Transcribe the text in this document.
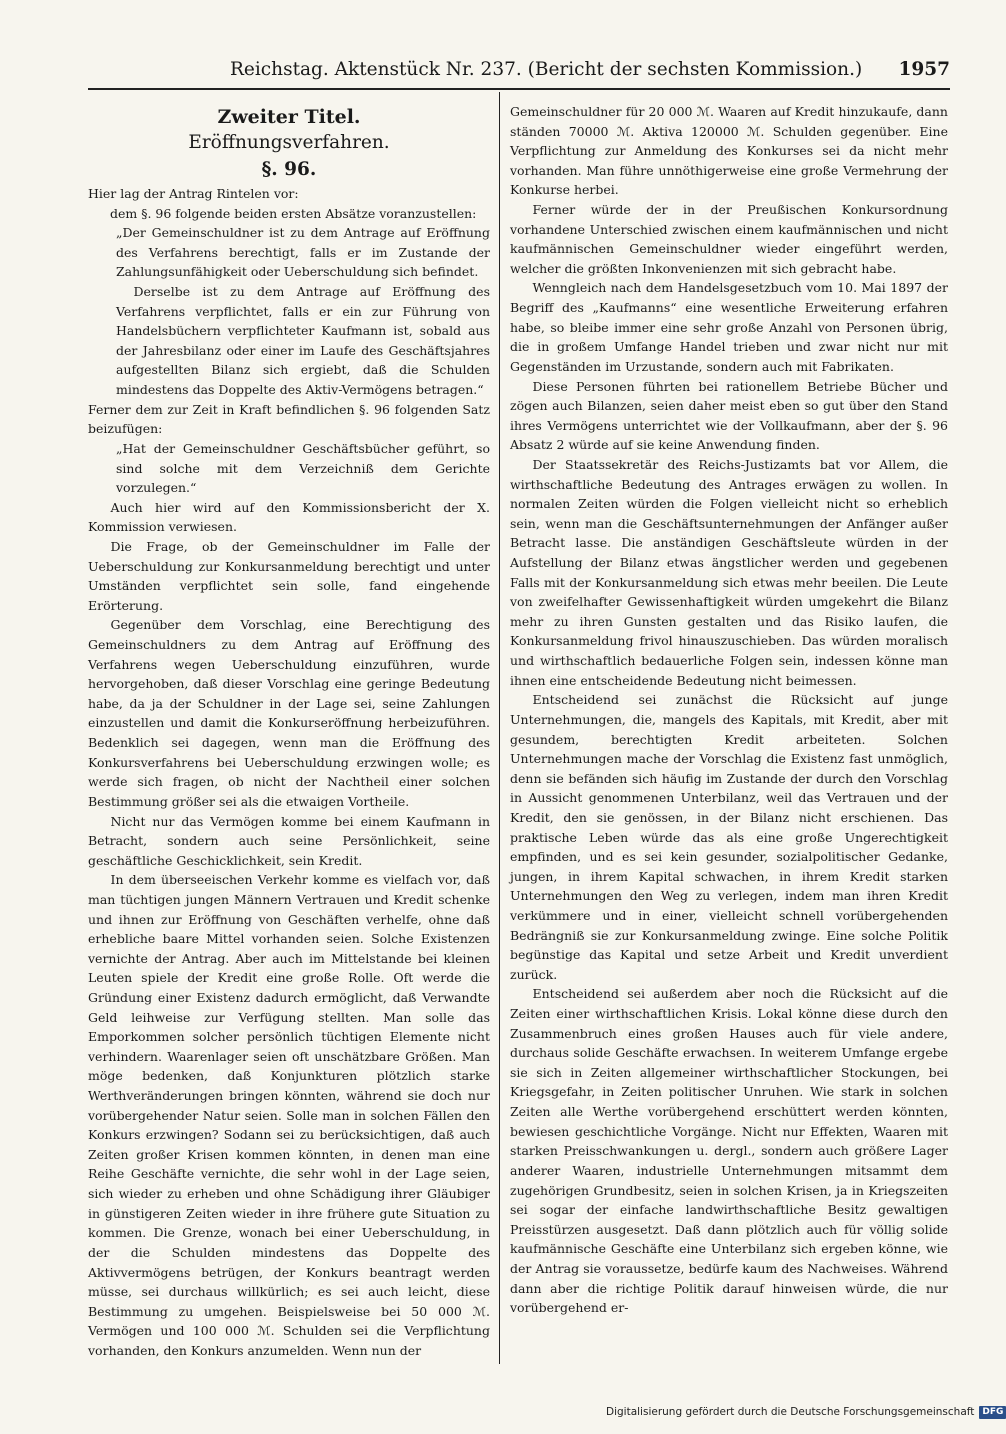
Reichstag. Aktenstück Nr. 237. (Bericht der sechsten Kommission.) 1957

Zweiter Titel.

Eröffnungsverfahren.

§. 96.

Hier lag der Antrag Rintelen vor:

dem §. 96 folgende beiden ersten Absätze voranzustellen:

„Der Gemeinschuldner ist zu dem Antrage auf Eröffnung des Verfahrens berechtigt, falls er im Zustande der Zahlungsunfähigkeit oder Ueberschuldung sich befindet.

Derselbe ist zu dem Antrage auf Eröffnung des Verfahrens verpflichtet, falls er ein zur Führung von Handelsbüchern verpflichteter Kaufmann ist, sobald aus der Jahresbilanz oder einer im Laufe des Geschäftsjahres aufgestellten Bilanz sich ergiebt, daß die Schulden mindestens das Doppelte des Aktiv-Vermögens betragen.“

Ferner dem zur Zeit in Kraft befindlichen §. 96 folgenden Satz beizufügen:

„Hat der Gemeinschuldner Geschäftsbücher geführt, so sind solche mit dem Verzeichniß dem Gerichte vorzulegen.“

Auch hier wird auf den Kommissionsbericht der X. Kommission verwiesen.

Die Frage, ob der Gemeinschuldner im Falle der Ueberschuldung zur Konkursanmeldung berechtigt und unter Umständen verpflichtet sein solle, fand eingehende Erörterung.

Gegenüber dem Vorschlag, eine Berechtigung des Gemeinschuldners zu dem Antrag auf Eröffnung des Verfahrens wegen Ueberschuldung einzuführen, wurde hervorgehoben, daß dieser Vorschlag eine geringe Bedeutung habe, da ja der Schuldner in der Lage sei, seine Zahlungen einzustellen und damit die Konkurseröffnung herbeizuführen. Bedenklich sei dagegen, wenn man die Eröffnung des Konkursverfahrens bei Ueberschuldung erzwingen wolle; es werde sich fragen, ob nicht der Nachtheil einer solchen Bestimmung größer sei als die etwaigen Vortheile.

Nicht nur das Vermögen komme bei einem Kaufmann in Betracht, sondern auch seine Persönlichkeit, seine geschäftliche Geschicklichkeit, sein Kredit.

In dem überseeischen Verkehr komme es vielfach vor, daß man tüchtigen jungen Männern Vertrauen und Kredit schenke und ihnen zur Eröffnung von Geschäften verhelfe, ohne daß erhebliche baare Mittel vorhanden seien. Solche Existenzen vernichte der Antrag. Aber auch im Mittelstande bei kleinen Leuten spiele der Kredit eine große Rolle. Oft werde die Gründung einer Existenz dadurch ermöglicht, daß Verwandte Geld leihweise zur Verfügung stellten. Man solle das Emporkommen solcher persönlich tüchtigen Elemente nicht verhindern. Waarenlager seien oft unschätzbare Größen. Man möge bedenken, daß Konjunkturen plötzlich starke Werthveränderungen bringen könnten, während sie doch nur vorübergehender Natur seien. Solle man in solchen Fällen den Konkurs erzwingen? Sodann sei zu berücksichtigen, daß auch Zeiten großer Krisen kommen könnten, in denen man eine Reihe Geschäfte vernichte, die sehr wohl in der Lage seien, sich wieder zu erheben und ohne Schädigung ihrer Gläubiger in günstigeren Zeiten wieder in ihre frühere gute Situation zu kommen. Die Grenze, wonach bei einer Ueberschuldung, in der die Schulden mindestens das Doppelte des Aktivvermögens betrügen, der Konkurs beantragt werden müsse, sei durchaus willkürlich; es sei auch leicht, diese Bestimmung zu umgehen. Beispielsweise bei 50 000 ℳ. Vermögen und 100 000 ℳ. Schulden sei die Verpflichtung vorhanden, den Konkurs anzumelden. Wenn nun der

Gemeinschuldner für 20 000 ℳ. Waaren auf Kredit hinzukaufe, dann ständen 70000 ℳ. Aktiva 120000 ℳ. Schulden gegenüber. Eine Verpflichtung zur Anmeldung des Konkurses sei da nicht mehr vorhanden. Man führe unnöthigerweise eine große Vermehrung der Konkurse herbei.

Ferner würde der in der Preußischen Konkursordnung vorhandene Unterschied zwischen einem kaufmännischen und nicht kaufmännischen Gemeinschuldner wieder eingeführt werden, welcher die größten Inkonvenienzen mit sich gebracht habe.

Wenngleich nach dem Handelsgesetzbuch vom 10. Mai 1897 der Begriff des „Kaufmanns“ eine wesentliche Erweiterung erfahren habe, so bleibe immer eine sehr große Anzahl von Personen übrig, die in großem Umfange Handel trieben und zwar nicht nur mit Gegenständen im Urzustande, sondern auch mit Fabrikaten.

Diese Personen führten bei rationellem Betriebe Bücher und zögen auch Bilanzen, seien daher meist eben so gut über den Stand ihres Vermögens unterrichtet wie der Vollkaufmann, aber der §. 96 Absatz 2 würde auf sie keine Anwendung finden.

Der Staatssekretär des Reichs-Justizamts bat vor Allem, die wirthschaftliche Bedeutung des Antrages erwägen zu wollen. In normalen Zeiten würden die Folgen vielleicht nicht so erheblich sein, wenn man die Geschäftsunternehmungen der Anfänger außer Betracht lasse. Die anständigen Geschäftsleute würden in der Aufstellung der Bilanz etwas ängstlicher werden und gegebenen Falls mit der Konkursanmeldung sich etwas mehr beeilen. Die Leute von zweifelhafter Gewissenhaftigkeit würden umgekehrt die Bilanz mehr zu ihren Gunsten gestalten und das Risiko laufen, die Konkursanmeldung frivol hinauszuschieben. Das würden moralisch und wirthschaftlich bedauerliche Folgen sein, indessen könne man ihnen eine entscheidende Bedeutung nicht beimessen.

Entscheidend sei zunächst die Rücksicht auf junge Unternehmungen, die, mangels des Kapitals, mit Kredit, aber mit gesundem, berechtigten Kredit arbeiteten. Solchen Unternehmungen mache der Vorschlag die Existenz fast unmöglich, denn sie befänden sich häufig im Zustande der durch den Vorschlag in Aussicht genommenen Unterbilanz, weil das Vertrauen und der Kredit, den sie genössen, in der Bilanz nicht erschienen. Das praktische Leben würde das als eine große Ungerechtigkeit empfinden, und es sei kein gesunder, sozialpolitischer Gedanke, jungen, in ihrem Kapital schwachen, in ihrem Kredit starken Unternehmungen den Weg zu verlegen, indem man ihren Kredit verkümmere und in einer, vielleicht schnell vorübergehenden Bedrängniß sie zur Konkursanmeldung zwinge. Eine solche Politik begünstige das Kapital und setze Arbeit und Kredit unverdient zurück.

Entscheidend sei außerdem aber noch die Rücksicht auf die Zeiten einer wirthschaftlichen Krisis. Lokal könne diese durch den Zusammenbruch eines großen Hauses auch für viele andere, durchaus solide Geschäfte erwachsen. In weiterem Umfange ergebe sie sich in Zeiten allgemeiner wirthschaftlicher Stockungen, bei Kriegsgefahr, in Zeiten politischer Unruhen. Wie stark in solchen Zeiten alle Werthe vorübergehend erschüttert werden könnten, bewiesen geschichtliche Vorgänge. Nicht nur Effekten, Waaren mit starken Preisschwankungen u. dergl., sondern auch größere Lager anderer Waaren, industrielle Unternehmungen mitsammt dem zugehörigen Grundbesitz, seien in solchen Krisen, ja in Kriegszeiten sei sogar der einfache landwirthschaftliche Besitz gewaltigen Preisstürzen ausgesetzt. Daß dann plötzlich auch für völlig solide kaufmännische Geschäfte eine Unterbilanz sich ergeben könne, wie der Antrag sie voraussetze, bedürfe kaum des Nachweises. Während dann aber die richtige Politik darauf hinweisen würde, die nur vorübergehend er-

Digitalisierung gefördert durch die Deutsche Forschungsgemeinschaft DFG
